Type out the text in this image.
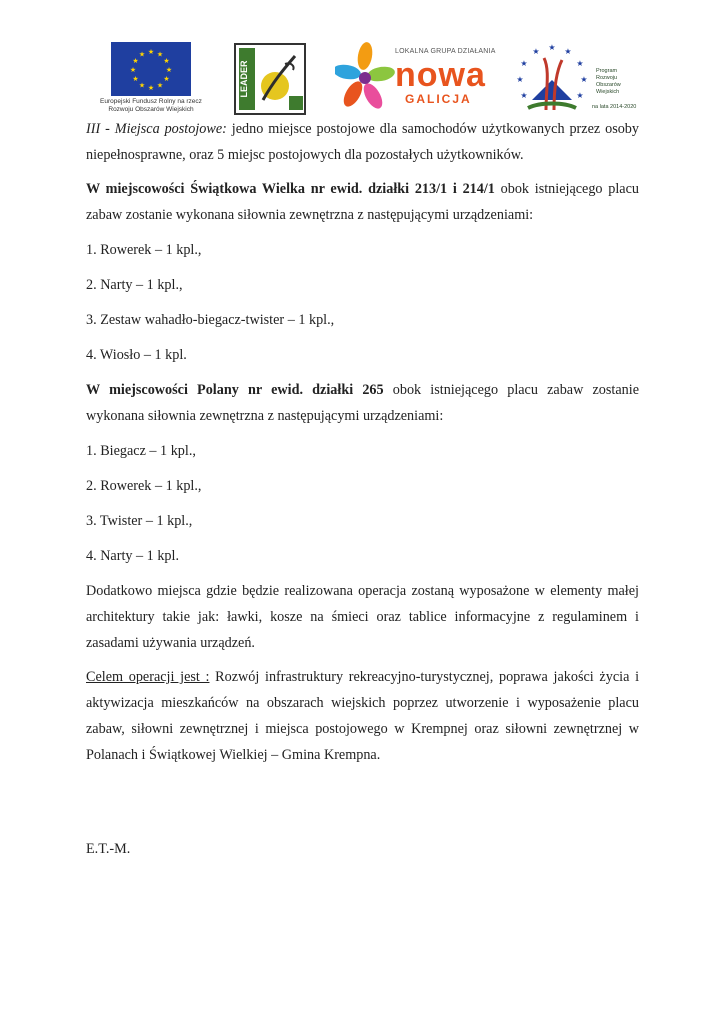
★ ★
★
★
★
★
★
★
★
★
★
★
Europejski Fundusz Rolny na rzecz Rozwoju Obszarów Wiejskich
LEADER
LOKALNA GRUPA DZIAŁANIA
nowa
GALICJA
★ ★
★
★
★
★
★
★
★
Program
Rozwoju
Obszarów
Wiejskich
na lata 2014-2020

III - Miejsca postojowe: jedno miejsce postojowe dla samochodów użytkowanych przez osoby niepełnosprawne, oraz 5 miejsc postojowych dla pozostałych użytkowników.

W miejscowości Świątkowa Wielka nr ewid. działki 213/1 i 214/1 obok istniejącego placu zabaw zostanie wykonana siłownia zewnętrzna z następującymi urządzeniami:

1. Rowerek – 1 kpl.,

2. Narty – 1 kpl.,

3. Zestaw wahadło-biegacz-twister – 1 kpl.,

4. Wiosło – 1 kpl.

W miejscowości Polany nr ewid. działki 265 obok istniejącego placu zabaw zostanie wykonana siłownia zewnętrzna z następującymi urządzeniami:

1. Biegacz – 1 kpl.,

2. Rowerek – 1 kpl.,

3. Twister – 1 kpl.,

4. Narty – 1 kpl.

Dodatkowo miejsca gdzie będzie realizowana operacja zostaną wyposażone w elementy małej architektury takie jak: ławki, kosze na śmieci oraz tablice informacyjne z regulaminem i zasadami używania urządzeń.

Celem operacji jest : Rozwój infrastruktury rekreacyjno-turystycznej, poprawa jakości życia i aktywizacja mieszkańców na obszarach wiejskich poprzez utworzenie i wyposażenie placu zabaw, siłowni zewnętrznej i miejsca postojowego w Krempnej oraz siłowni zewnętrznej w Polanach i Świątkowej Wielkiej – Gmina Krempna.

E.T.-M.
